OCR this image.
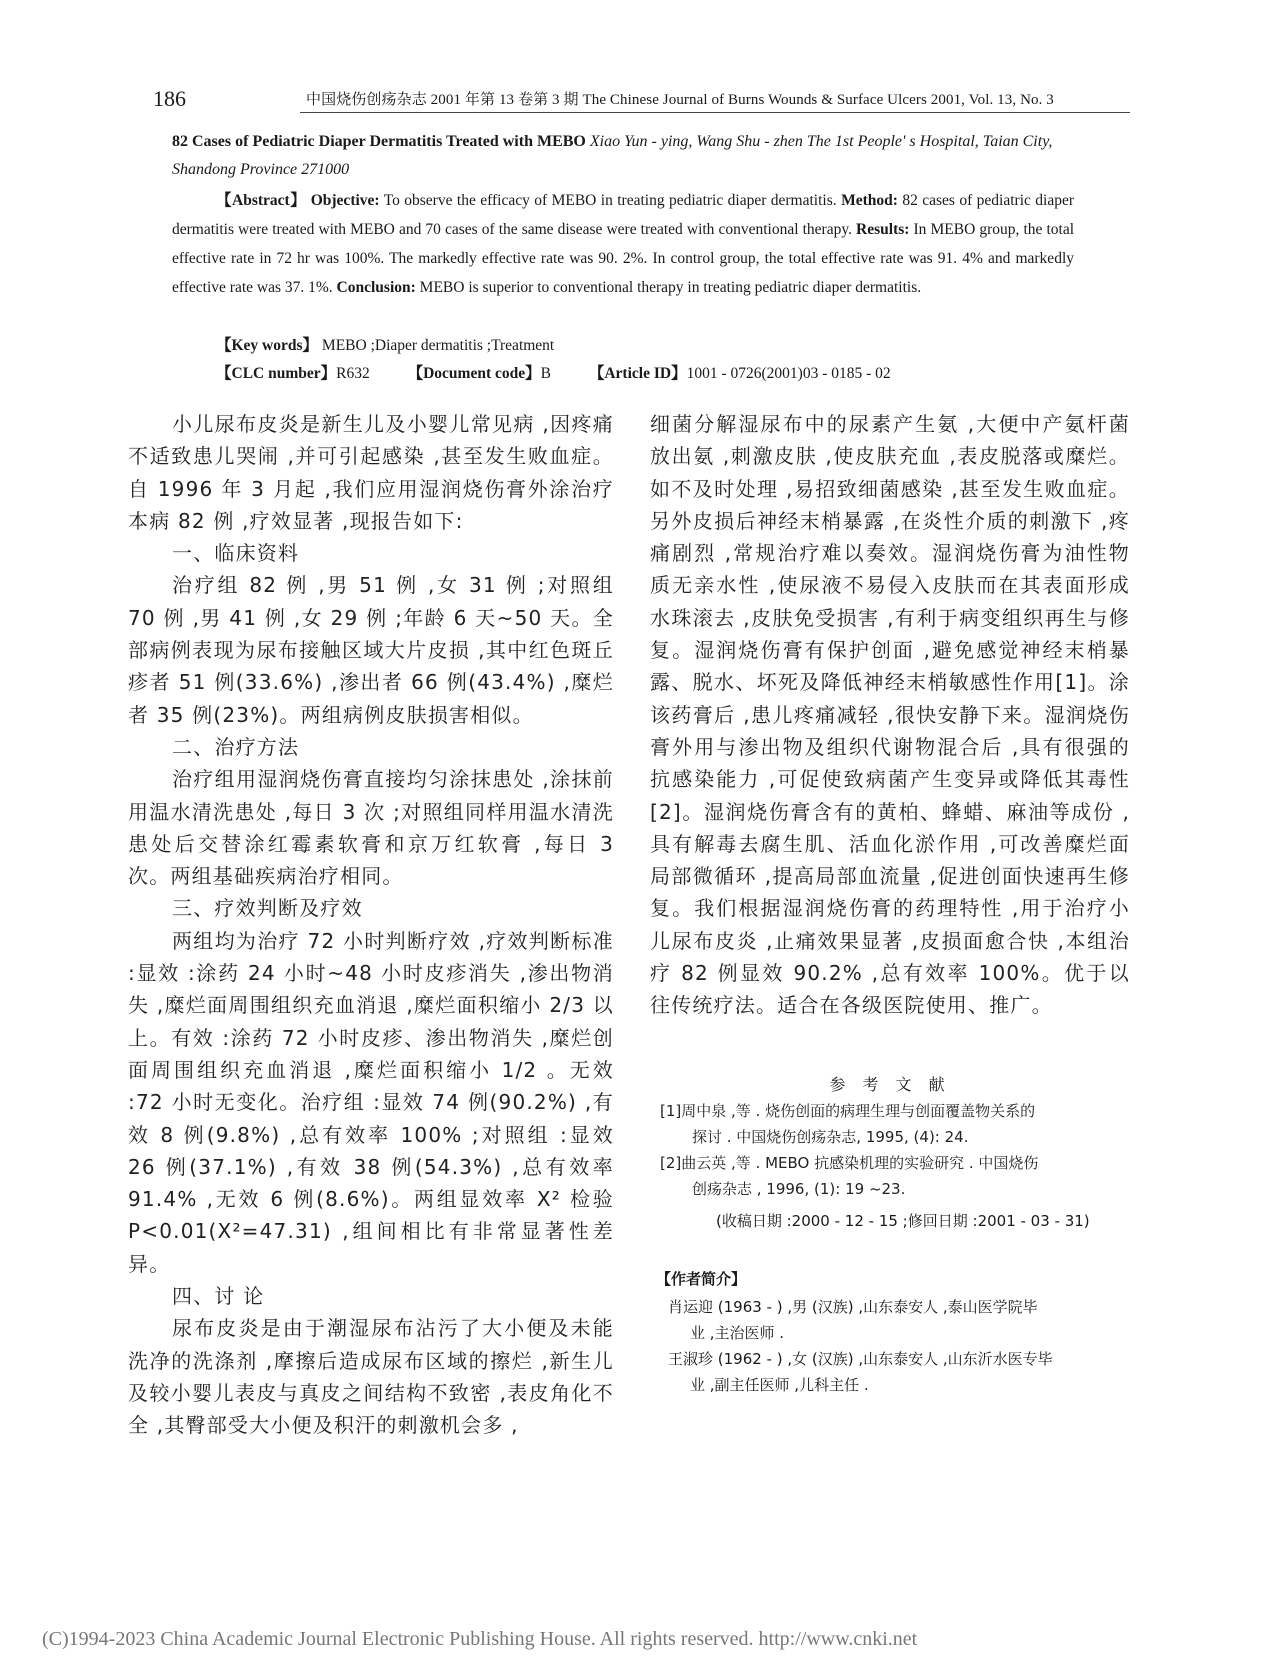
186	中国烧伤创疡杂志 2001 年第 13 卷第 3 期 The Chinese Journal of Burns Wounds & Surface Ulcers 2001, Vol. 13, No. 3
82 Cases of Pediatric Diaper Dermatitis Treated with MEBO Xiao Yun - ying, Wang Shu - zhen The 1st People' s Hospital, Taian City, Shandong Province 271000
【Abstract】 Objective: To observe the efficacy of MEBO in treating pediatric diaper dermatitis. Method: 82 cases of pediatric diaper dermatitis were treated with MEBO and 70 cases of the same disease were treated with conventional therapy. Results: In MEBO group, the total effective rate in 72 hr was 100%. The markedly effective rate was 90. 2%. In control group, the total effective rate was 91. 4% and markedly effective rate was 37. 1%. Conclusion: MEBO is superior to conventional therapy in treating pediatric diaper dermatitis.
【Key words】 MEBO ;Diaper dermatitis ;Treatment
【CLC number】R632 【Document code】B 【Article ID】1001 - 0726(2001)03 - 0185 - 02

小儿尿布皮炎是新生儿及小婴儿常见病 ,因疼痛不适致患儿哭闹 ,并可引起感染 ,甚至发生败血症。自 1996 年 3 月起 ,我们应用湿润烧伤膏外涂治疗本病 82 例 ,疗效显著 ,现报告如下:

一、临床资料

治疗组 82 例 ,男 51 例 ,女 31 例 ;对照组 70 例 ,男 41 例 ,女 29 例 ;年龄 6 天~50 天。全部病例表现为尿布接触区域大片皮损 ,其中红色斑丘疹者 51 例(33.6%) ,渗出者 66 例(43.4%) ,糜烂者 35 例(23%)。两组病例皮肤损害相似。

二、治疗方法

治疗组用湿润烧伤膏直接均匀涂抹患处 ,涂抹前用温水清洗患处 ,每日 3 次 ;对照组同样用温水清洗患处后交替涂红霉素软膏和京万红软膏 ,每日 3 次。两组基础疾病治疗相同。

三、疗效判断及疗效

两组均为治疗 72 小时判断疗效 ,疗效判断标准 :显效 :涂药 24 小时~48 小时皮疹消失 ,渗出物消失 ,糜烂面周围组织充血消退 ,糜烂面积缩小 2/3 以上。有效 :涂药 72 小时皮疹、渗出物消失 ,糜烂创面周围组织充血消退 ,糜烂面积缩小 1/2 。无效 :72 小时无变化。治疗组 :显效 74 例(90.2%) ,有效 8 例(9.8%) ,总有效率 100% ;对照组 :显效 26 例(37.1%) ,有效 38 例(54.3%) ,总有效率 91.4% ,无效 6 例(8.6%)。两组显效率 X² 检验 P<0.01(X²=47.31) ,组间相比有非常显著性差异。

四、讨 论

尿布皮炎是由于潮湿尿布沾污了大小便及未能洗净的洗涤剂 ,摩擦后造成尿布区域的擦烂 ,新生儿及较小婴儿表皮与真皮之间结构不致密 ,表皮角化不全 ,其臀部受大小便及积汗的刺激机会多 ,

细菌分解湿尿布中的尿素产生氨 ,大便中产氨杆菌放出氨 ,刺激皮肤 ,使皮肤充血 ,表皮脱落或糜烂。如不及时处理 ,易招致细菌感染 ,甚至发生败血症。另外皮损后神经末梢暴露 ,在炎性介质的刺激下 ,疼痛剧烈 ,常规治疗难以奏效。湿润烧伤膏为油性物质无亲水性 ,使尿液不易侵入皮肤而在其表面形成水珠滚去 ,皮肤免受损害 ,有利于病变组织再生与修复。湿润烧伤膏有保护创面 ,避免感觉神经末梢暴露、脱水、坏死及降低神经末梢敏感性作用[1]。涂该药膏后 ,患儿疼痛减轻 ,很快安静下来。湿润烧伤膏外用与渗出物及组织代谢物混合后 ,具有很强的抗感染能力 ,可促使致病菌产生变异或降低其毒性[2]。湿润烧伤膏含有的黄柏、蜂蜡、麻油等成份 ,具有解毒去腐生肌、活血化淤作用 ,可改善糜烂面局部微循环 ,提高局部血流量 ,促进创面快速再生修复。我们根据湿润烧伤膏的药理特性 ,用于治疗小儿尿布皮炎 ,止痛效果显著 ,皮损面愈合快 ,本组治疗 82 例显效 90.2% ,总有效率 100%。优于以往传统疗法。适合在各级医院使用、推广。

参 考 文 献

[1]周中泉 ,等 . 烧伤创面的病理生理与创面覆盖物关系的

探讨 . 中国烧伤创疡杂志, 1995, (4): 24.

[2]曲云英 ,等 . MEBO 抗感染机理的实验研究 . 中国烧伤

创疡杂志 , 1996, (1): 19 ~23.

(收稿日期 :2000 - 12 - 15 ;修回日期 :2001 - 03 - 31)
【作者简介】

肖运迎 (1963 - ) ,男 (汉族) ,山东泰安人 ,泰山医学院毕

业 ,主治医师 .

王淑珍 (1962 - ) ,女 (汉族) ,山东泰安人 ,山东沂水医专毕

业 ,副主任医师 ,儿科主任 .

(C)1994-2023 China Academic Journal Electronic Publishing House. All rights reserved. http://www.cnki.net
